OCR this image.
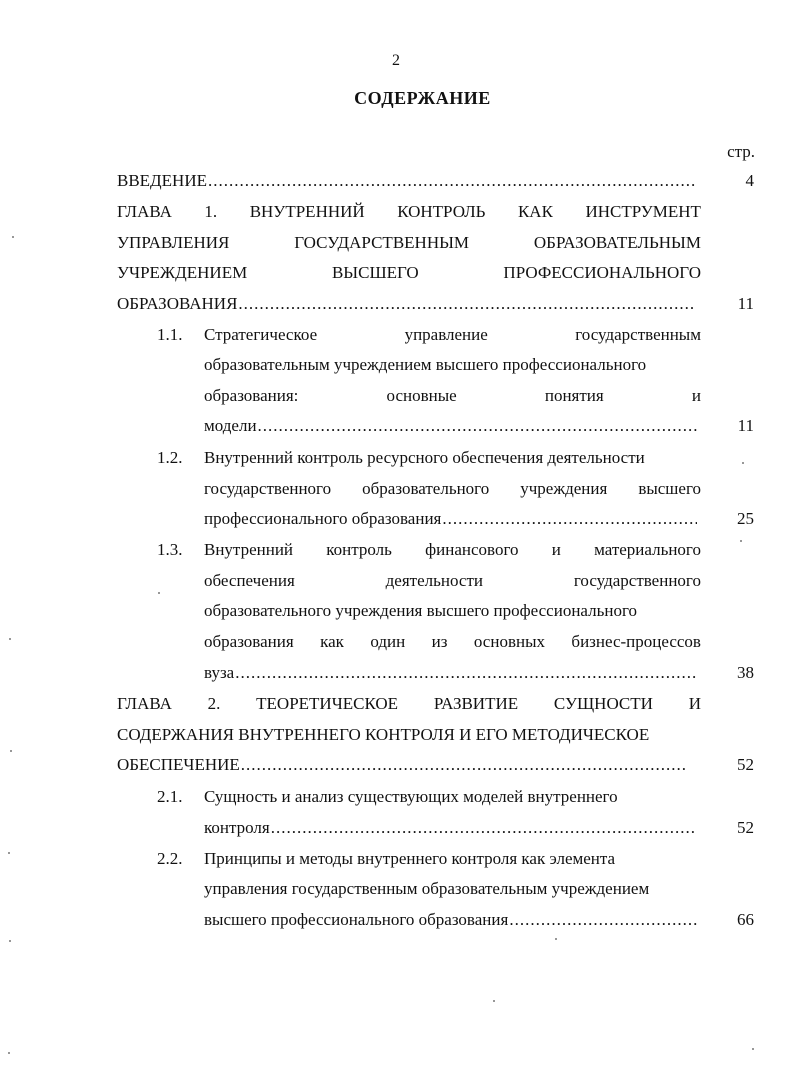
2
СОДЕРЖАНИЕ
стр.
ВВЕДЕНИЕ .....	4
ГЛАВА 1. ВНУТРЕННИЙ КОНТРОЛЬ КАК ИНСТРУМЕНТ
УПРАВЛЕНИЯ	ГОСУДАРСТВЕННЫМ	ОБРАЗОВАТЕЛЬНЫМ
УЧРЕЖДЕНИЕМ	ВЫСШЕГО	ПРОФЕССИОНАЛЬНОГО
ОБРАЗОВАНИЯ .....	11
1.1.	Стратегическое	управление	государственным
образовательным учреждением высшего профессионального
образования:	основные	понятия	и
модели .....	11
1.2.	Внутренний контроль ресурсного обеспечения деятельности
государственного образовательного учреждения высшего
профессионального образования .....	25
1.3.	Внутренний контроль финансового и материального
обеспечения	деятельности	государственного
образовательного учреждения высшего профессионального
образования как один из основных бизнес-процессов
вуза .....	38
ГЛАВА 2. ТЕОРЕТИЧЕСКОЕ РАЗВИТИЕ СУЩНОСТИ И
СОДЕРЖАНИЯ ВНУТРЕННЕГО КОНТРОЛЯ И ЕГО МЕТОДИЧЕСКОЕ
ОБЕСПЕЧЕНИЕ .....	52
2.1.	Сущность и анализ существующих моделей внутреннего
контроля .....	52
2.2.	Принципы и методы внутреннего контроля как элемента
управления государственным образовательным учреждением
высшего профессионального образования .....	66
